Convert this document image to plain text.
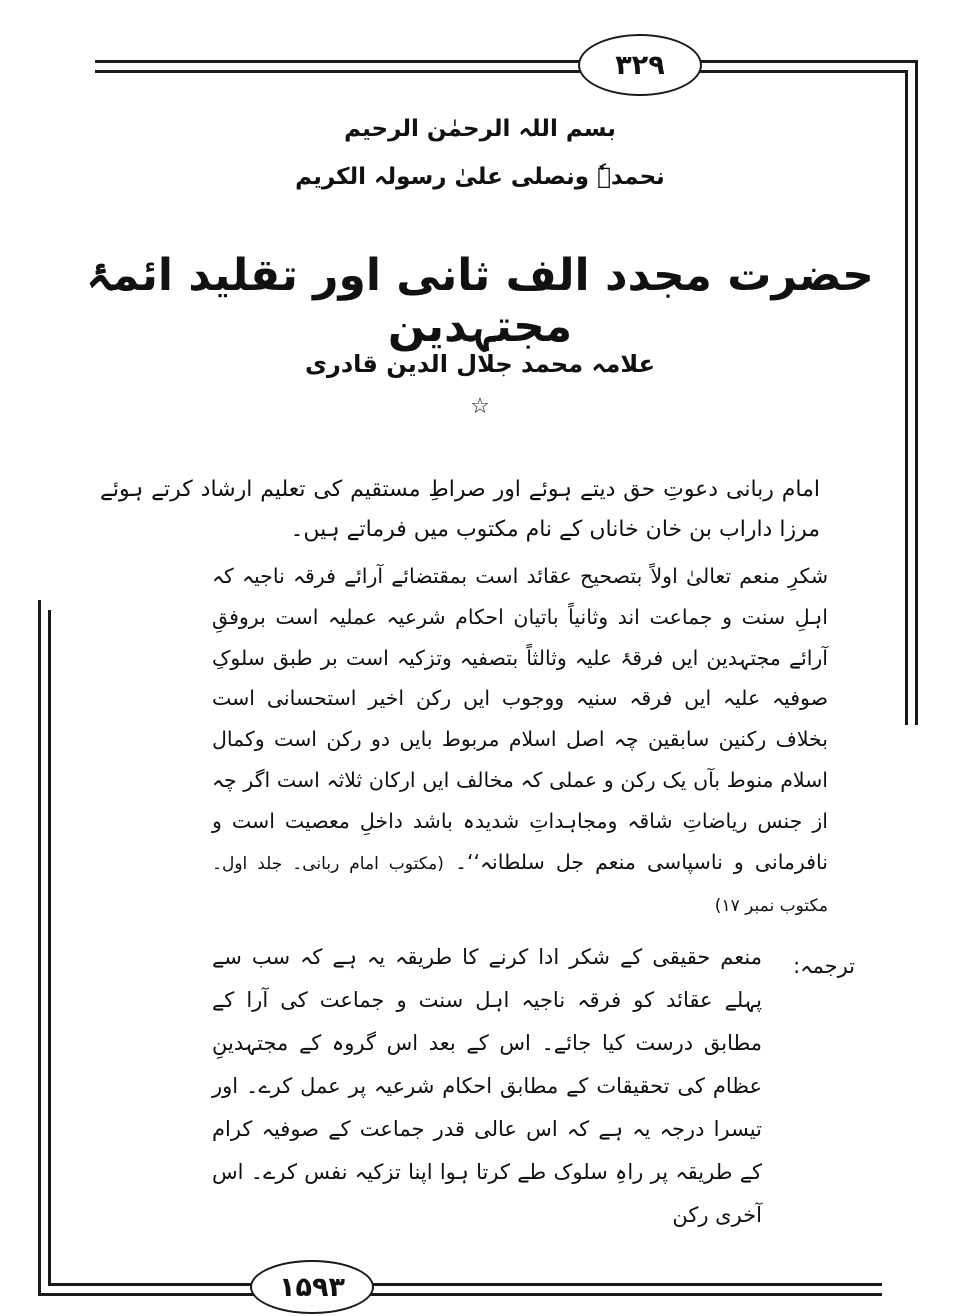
۳۲۹
۱۵۹۳
بسم اللہ الرحمٰن الرحیم
نحمدہٗ ونصلی علیٰ رسولہ الکریم
حضرت مجدد الف ثانی اور تقلید ائمۂ مجتہدین
علامہ محمد جلال الدین قادری
☆
امام ربانی دعوتِ حق دیتے ہوئے اور صراطِ مستقیم کی تعلیم ارشاد کرتے ہوئے مرزا داراب بن خان خاناں کے نام مکتوب میں فرماتے ہیں۔
شکرِ منعم تعالیٰ اولاً بتصحیح عقائد است بمقتضائے آرائے فرقہ ناجیہ کہ اہلِ سنت و جماعت اند وثانیاً باتیان احکام شرعیہ عملیہ است بروفقِ آرائے مجتہدین ایں فرقۂ علیہ وثالثاً بتصفیہ وتزکیہ است بر طبق سلوکِ صوفیہ علیہ ایں فرقہ سنیہ ووجوب ایں رکن اخیر استحسانی است بخلاف رکنین سابقین چہ اصل اسلام مربوط بایں دو رکن است وکمال اسلام منوط بآں یک رکن و عملی کہ مخالف ایں ارکان ثلاثہ است اگر چہ از جنس ریاضاتِ شاقہ ومجاہداتِ شدیدہ باشد داخلِ معصیت است و نافرمانی و ناسپاسی منعم جل سلطانہ‘‘۔ (مکتوب امام ربانی۔ جلد اول۔ مکتوب نمبر ۱۷)
ترجمہ:
منعم حقیقی کے شکر ادا کرنے کا طریقہ یہ ہے کہ سب سے پہلے عقائد کو فرقہ ناجیہ اہل سنت و جماعت کی آرا کے مطابق درست کیا جائے۔ اس کے بعد اس گروہ کے مجتہدینِ عظام کی تحقیقات کے مطابق احکام شرعیہ پر عمل کرے۔ اور تیسرا درجہ یہ ہے کہ اس عالی قدر جماعت کے صوفیہ کرام کے طریقہ پر راہِ سلوک طے کرتا ہوا اپنا تزکیہ نفس کرے۔ اس آخری رکن
